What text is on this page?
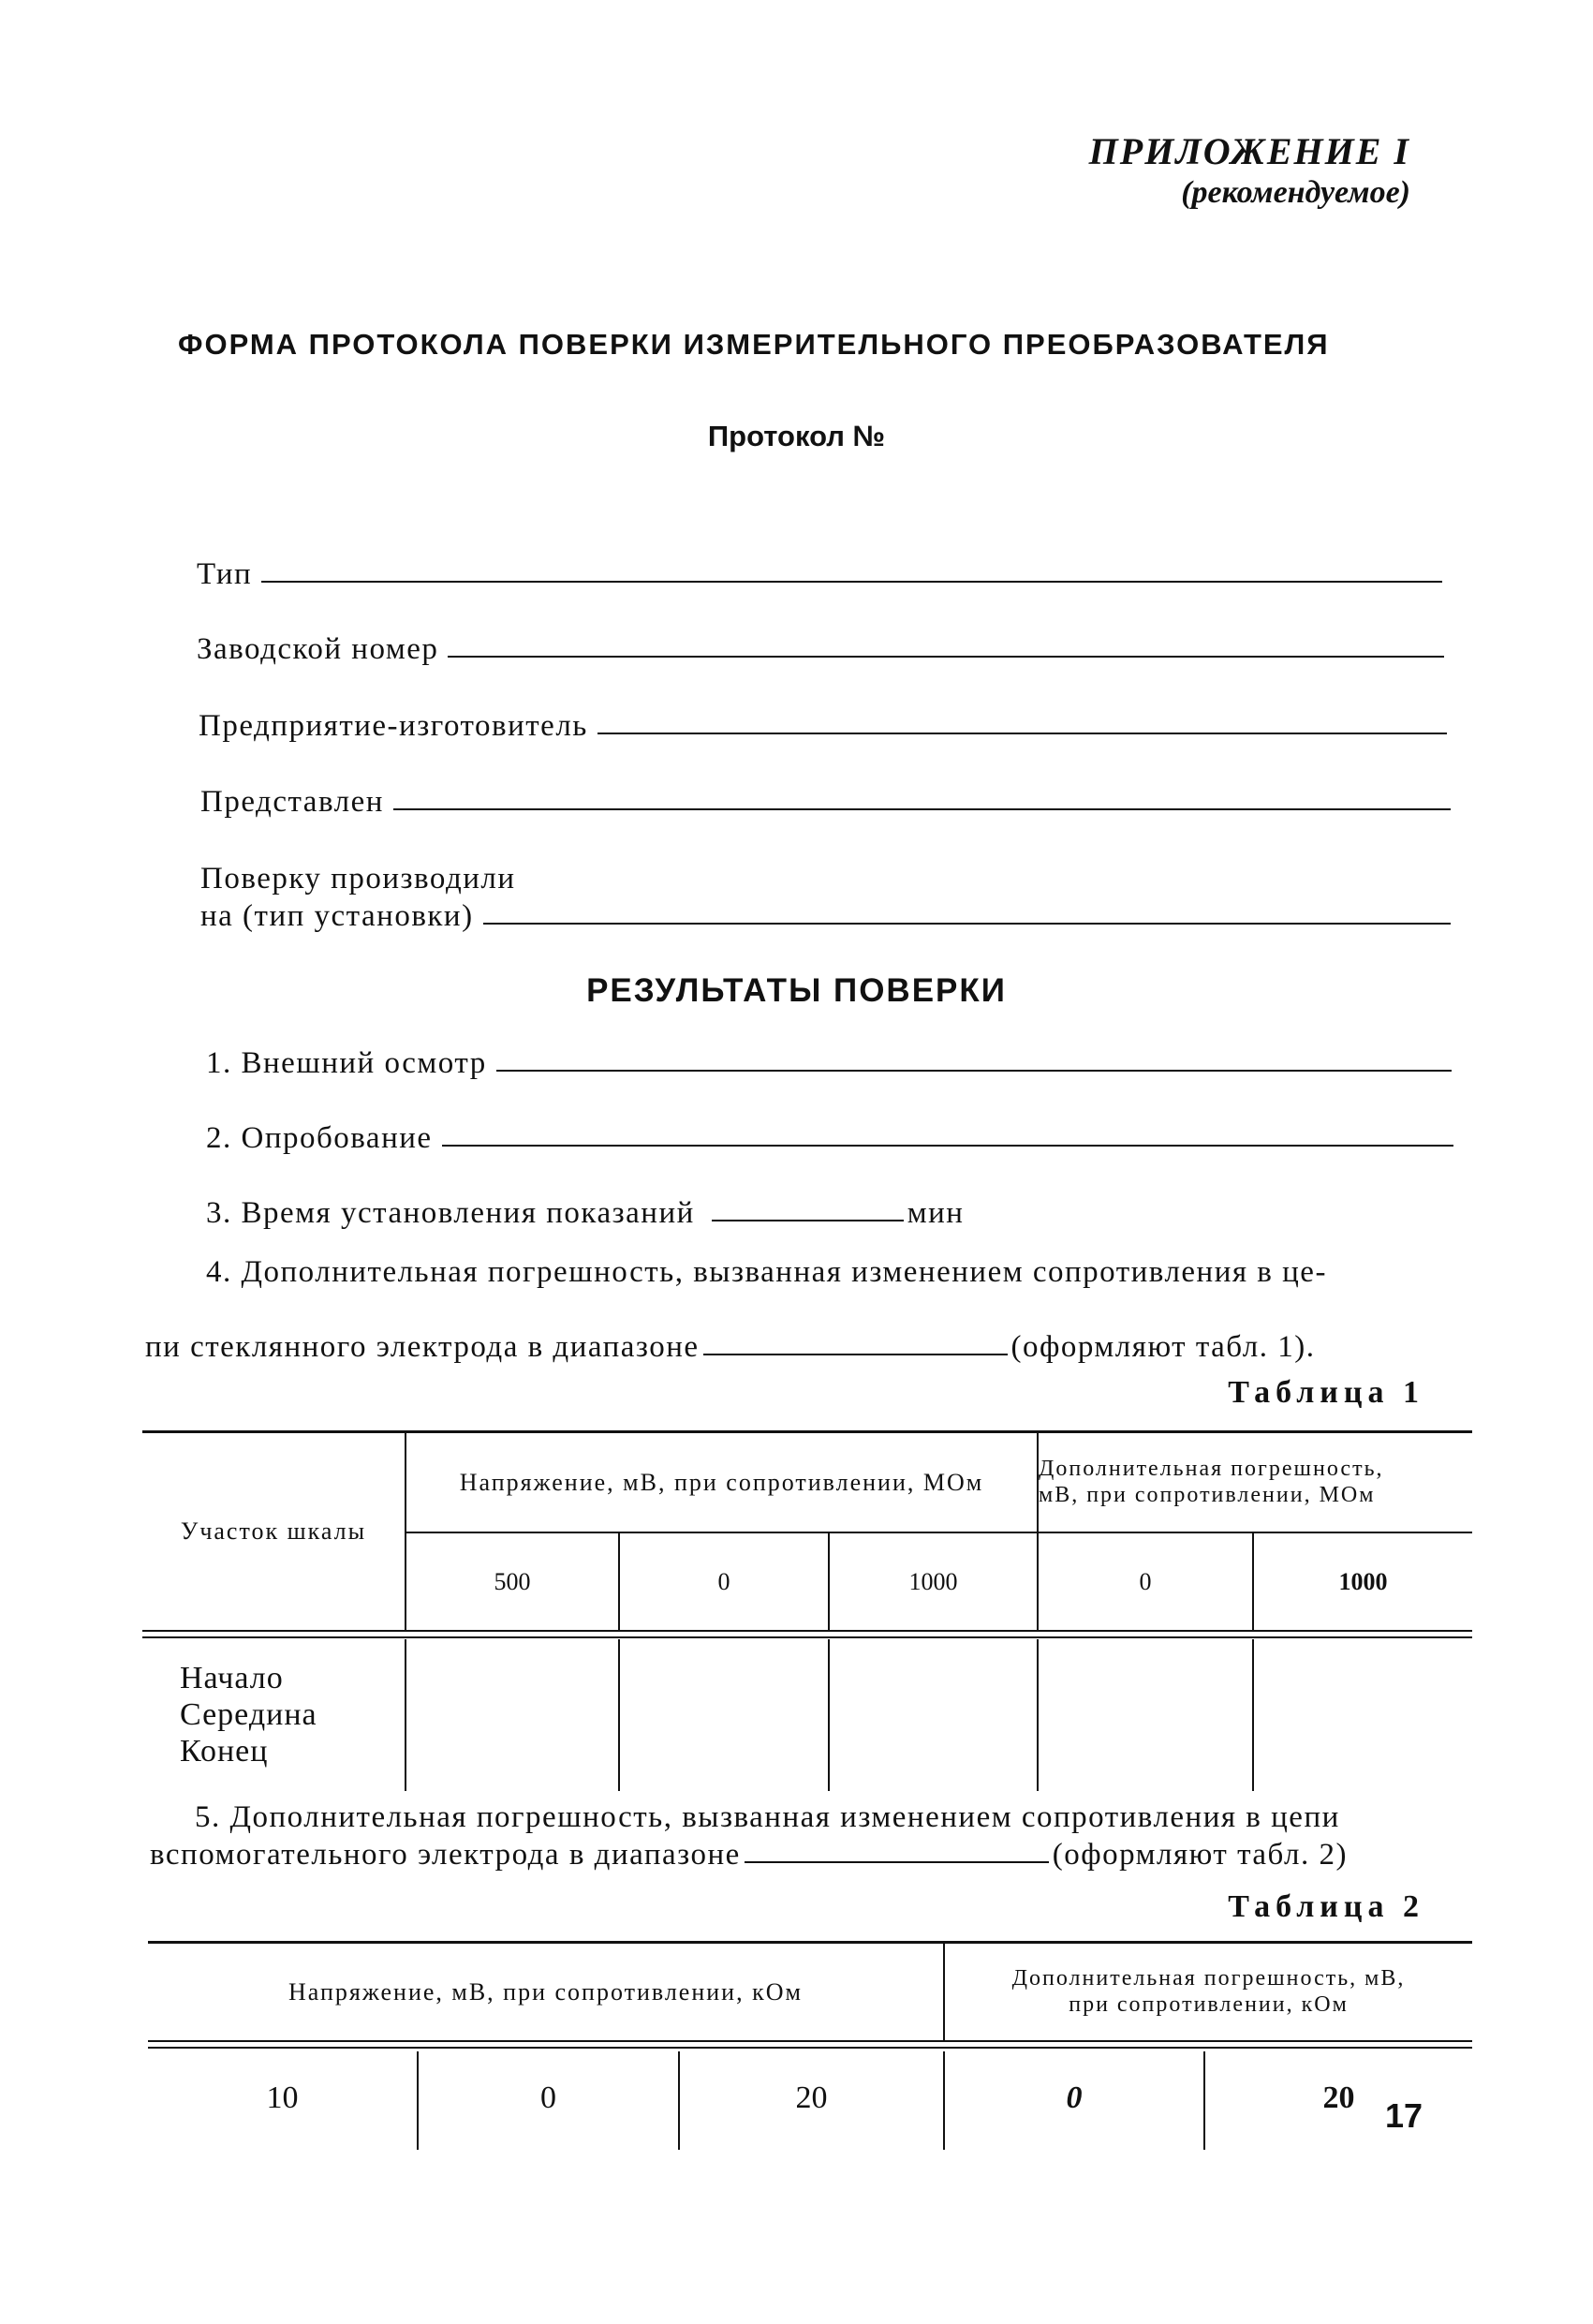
ПРИЛОЖЕНИЕ I
(рекомендуемое)
ФОРМА ПРОТОКОЛА ПОВЕРКИ ИЗМЕРИТЕЛЬНОГО ПРЕОБРАЗОВАТЕЛЯ
Протокол №
Тип
Заводской номер
Предприятие-изготовитель
Представлен
Поверку производили
на (тип установки)
РЕЗУЛЬТАТЫ ПОВЕРКИ
1. Внешний осмотр
2. Опробование
3. Время установления показаний	мин
4. Дополнительная погрешность, вызванная изменением сопротивления в це-
пи стеклянного электрода в диапазоне	(оформляют табл. 1).
Таблица 1
Участок шкалы
Напряжение, мВ, при сопротивлении, МОм	Дополнительная погрешность,
мВ, при сопротивлении, МОм
500	0	1000	0	1000
Начало
Середина
Конец
5. Дополнительная погрешность, вызванная изменением сопротивления в цепи
вспомогательного электрода в диапазоне	(оформляют табл. 2)
Таблица 2
Напряжение, мВ, при сопротивлении, кОм	Дополнительная погрешность, мВ,
при сопротивлении, кОм
10	0	20	0	20 17
